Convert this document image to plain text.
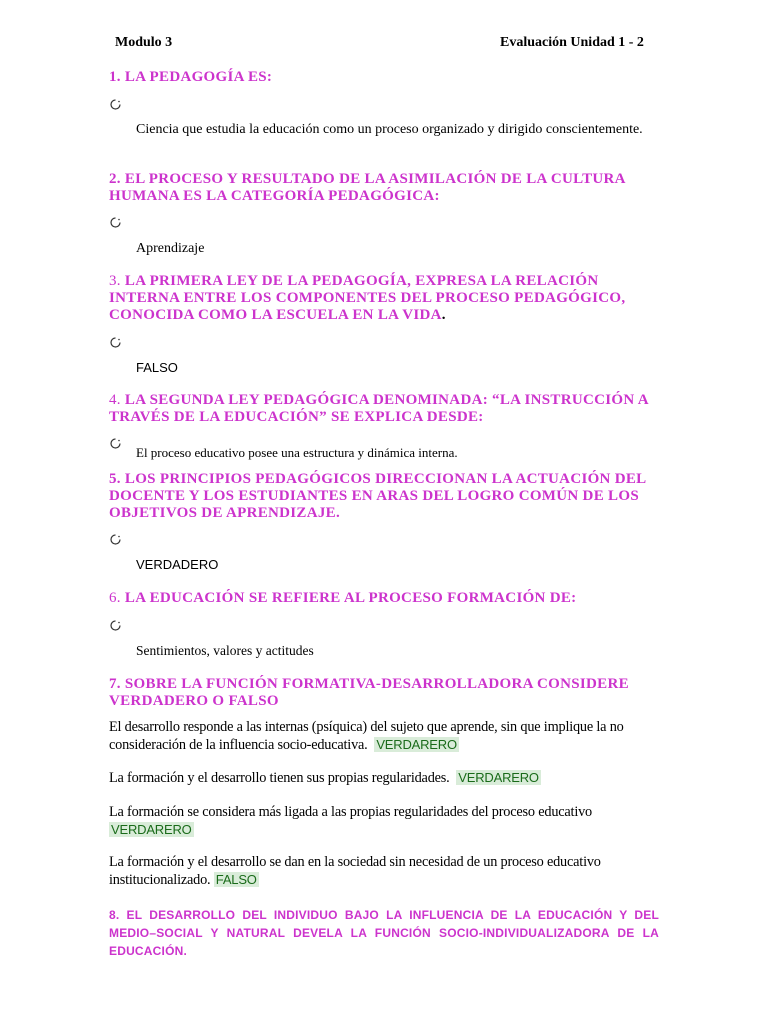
Modulo 3	Evaluación Unidad 1 - 2
1. LA PEDAGOGÍA ES:
Ciencia que estudia la educación como un proceso organizado y dirigido conscientemente.
2. EL PROCESO Y RESULTADO DE LA ASIMILACIÓN DE LA CULTURA HUMANA ES LA CATEGORÍA PEDAGÓGICA:
Aprendizaje
3. LA PRIMERA LEY DE LA PEDAGOGÍA, EXPRESA LA RELACIÓN INTERNA ENTRE LOS COMPONENTES DEL PROCESO PEDAGÓGICO, CONOCIDA COMO LA ESCUELA EN LA VIDA.
FALSO
4. LA SEGUNDA LEY PEDAGÓGICA DENOMINADA: “LA INSTRUCCIÓN A TRAVÉS DE LA EDUCACIÓN” SE EXPLICA DESDE:
El proceso educativo posee una estructura y dinámica interna.
5. LOS PRINCIPIOS PEDAGÓGICOS DIRECCIONAN LA ACTUACIÓN DEL DOCENTE Y LOS ESTUDIANTES EN ARAS DEL LOGRO COMÚN DE LOS OBJETIVOS DE APRENDIZAJE.
VERDADERO
6. LA EDUCACIÓN SE REFIERE AL PROCESO FORMACIÓN DE:
Sentimientos, valores y actitudes
7. SOBRE LA FUNCIÓN FORMATIVA-DESARROLLADORA CONSIDERE VERDADERO O FALSO
El desarrollo responde a las internas (psíquica) del sujeto que aprende, sin que implique la no consideración de la influencia socio-educativa. VERDARERO
La formación y el desarrollo tienen sus propias regularidades. VERDARERO
La formación se considera más ligada a las propias regularidades del proceso educativo VERDARERO
La formación y el desarrollo se dan en la sociedad sin necesidad de un proceso educativo institucionalizado. FALSO
8. EL DESARROLLO DEL INDIVIDUO BAJO LA INFLUENCIA DE LA EDUCACIÓN Y DEL MEDIO–SOCIAL Y NATURAL DEVELA LA FUNCIÓN SOCIO-INDIVIDUALIZADORA DE LA EDUCACIÓN.
